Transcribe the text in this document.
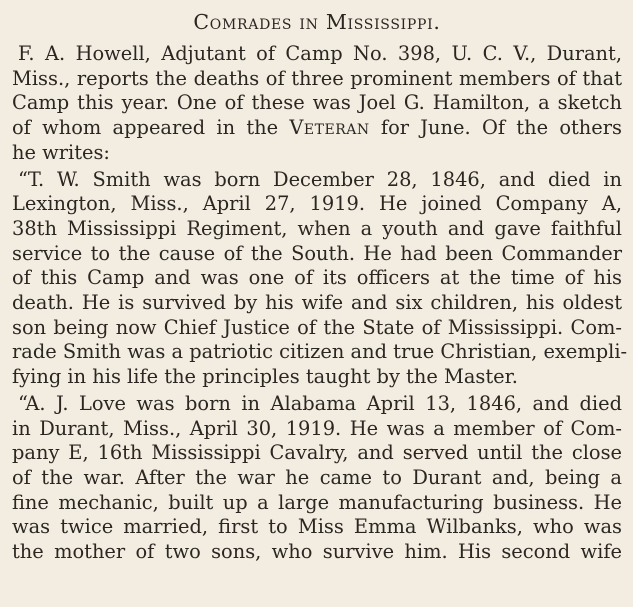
Comrades in Mississippi.
F. A. Howell, Adjutant of Camp No. 398, U. C. V., Durant,
Miss., reports the deaths of three prominent members of that
Camp this year. One of these was Joel G. Hamilton, a sketch
of whom appeared in the Veteran for June. Of the others
he writes:
“T. W. Smith was born December 28, 1846, and died in
Lexington, Miss., April 27, 1919. He joined Company A,
38th Mississippi Regiment, when a youth and gave faithful
service to the cause of the South. He had been Commander
of this Camp and was one of its officers at the time of his
death. He is survived by his wife and six children, his oldest
son being now Chief Justice of the State of Mississippi. Com-
rade Smith was a patriotic citizen and true Christian, exempli-
fying in his life the principles taught by the Master.
“A. J. Love was born in Alabama April 13, 1846, and died
in Durant, Miss., April 30, 1919. He was a member of Com-
pany E, 16th Mississippi Cavalry, and served until the close
of the war. After the war he came to Durant and, being a
fine mechanic, built up a large manufacturing business. He
was twice married, first to Miss Emma Wilbanks, who was
the mother of two sons, who survive him. His second wife
